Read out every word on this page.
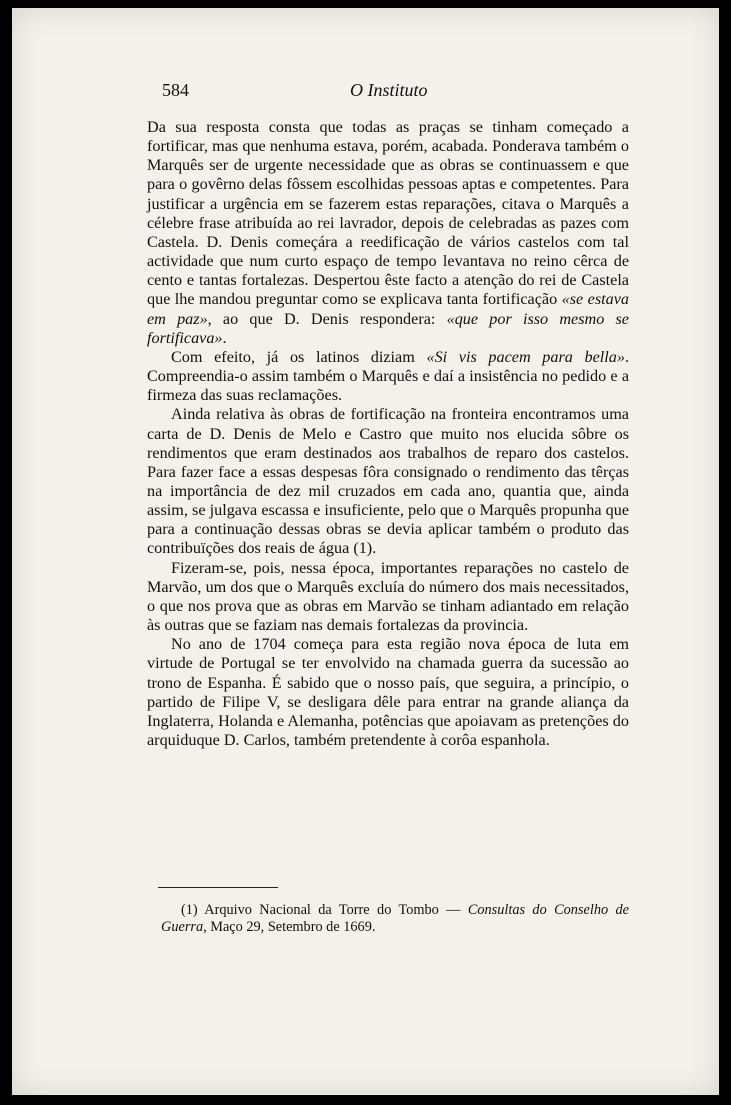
584	O Instituto

Da sua resposta consta que todas as praças se tinham começado a fortificar, mas que nenhuma estava, porém, acabada. Ponderava também o Marquês ser de urgente necessidade que as obras se continuassem e que para o govêrno delas fôssem escolhidas pessoas aptas e competentes. Para justificar a urgência em se fazerem estas reparações, citava o Marquês a célebre frase atribuída ao rei lavrador, depois de celebradas as pazes com Castela. D. Denis começára a reedificação de vários castelos com tal actividade que num curto espaço de tempo levantava no reino cêrca de cento e tantas fortalezas. Despertou êste facto a atenção do rei de Castela que lhe mandou preguntar como se explicava tanta fortificação «se estava em paz», ao que D. Denis respondera: «que por isso mesmo se fortificava».

Com efeito, já os latinos diziam «Si vis pacem para bella». Compreendia-o assim também o Marquês e daí a insistência no pedido e a firmeza das suas reclamações.

Ainda relativa às obras de fortificação na fronteira encontramos uma carta de D. Denis de Melo e Castro que muito nos elucida sôbre os rendimentos que eram destinados aos trabalhos de reparo dos castelos. Para fazer face a essas despesas fôra consignado o rendimento das têrças na importância de dez mil cruzados em cada ano, quantia que, ainda assim, se julgava escassa e insuficiente, pelo que o Marquês propunha que para a continuação dessas obras se devia aplicar também o produto das contribuïções dos reais de água (1).

Fizeram-se, pois, nessa época, importantes reparações no castelo de Marvão, um dos que o Marquês excluía do número dos mais necessitados, o que nos prova que as obras em Marvão se tinham adiantado em relação às outras que se faziam nas demais fortalezas da provincia.

No ano de 1704 começa para esta região nova época de luta em virtude de Portugal se ter envolvido na chamada guerra da sucessão ao trono de Espanha. É sabido que o nosso país, que seguira, a princípio, o partido de Filipe V, se desligara dêle para entrar na grande aliança da Inglaterra, Holanda e Alemanha, potências que apoiavam as pretenções do arquiduque D. Carlos, também pretendente à corôa espanhola.

(1) Arquivo Nacional da Torre do Tombo — Consultas do Conselho de Guerra, Maço 29, Setembro de 1669.
